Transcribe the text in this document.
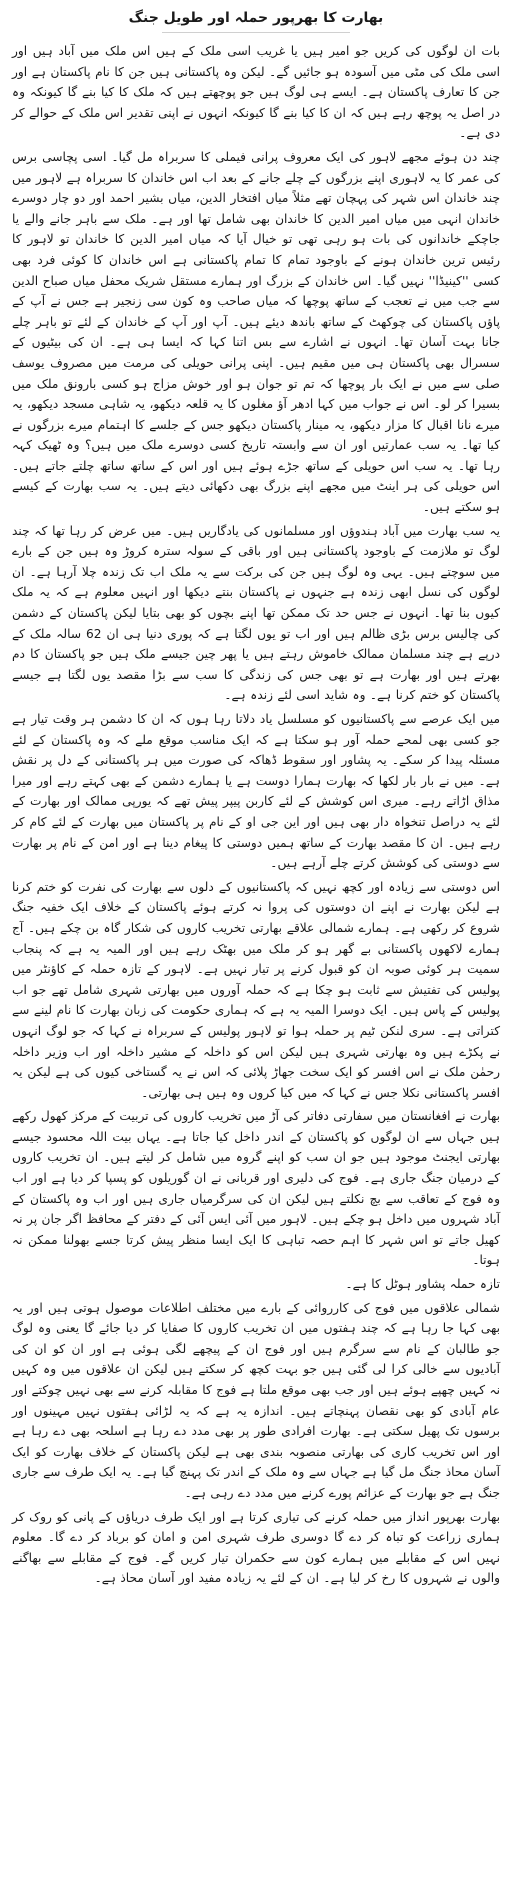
بھارت کا بھرپور حملہ اور طویل جنگ

بات ان لوگوں کی کریں جو امیر ہیں یا غریب اسی ملک کے ہیں اس ملک میں آباد ہیں اور اسی ملک کی مٹی میں آسودہ ہو جائیں گے۔ لیکن وہ پاکستانی ہیں جن کا نام پاکستان ہے اور جن کا تعارف پاکستان ہے۔ ایسے ہی لوگ ہیں جو پوچھتے ہیں کہ ملک کا کیا بنے گا کیونکہ وہ در اصل یہ پوچھ رہے ہیں کہ ان کا کیا بنے گا کیونکہ انہوں نے اپنی تقدیر اس ملک کے حوالے کر دی ہے۔

چند دن ہوئے مجھے لاہور کی ایک معروف پرانی فیملی کا سربراہ مل گیا۔ اسی پچاسی برس کی عمر کا یہ لاہوری اپنے بزرگوں کے چلے جانے کے بعد اب اس خاندان کا سربراہ ہے لاہور میں چند خاندان اس شہر کی پہچان تھے مثلاً میاں افتخار الدین، میاں بشیر احمد اور دو چار دوسرے خاندان انہی میں میاں امیر الدین کا خاندان بھی شامل تھا اور ہے۔ ملک سے باہر جانے والے یا جاچکے خاندانوں کی بات ہو رہی تھی تو خیال آیا کہ میاں امیر الدین کا خاندان تو لاہور کا رئیس ترین خاندان ہونے کے باوجود تمام کا تمام پاکستانی ہے اس خاندان کا کوئی فرد بھی کسی ''کینیڈا'' نہیں گیا۔ اس خاندان کے بزرگ اور ہمارے مستقل شریک محفل میاں صباح الدین سے جب میں نے تعجب کے ساتھ پوچھا کہ میاں صاحب وہ کون سی زنجیر ہے جس نے آپ کے پاؤں پاکستان کی چوکھٹ کے ساتھ باندھ دیئے ہیں۔ آپ اور آپ کے خاندان کے لئے تو باہر چلے جانا بہت آسان تھا۔ انہوں نے اشارے سے بس اتنا کہا کہ ایسا ہی ہے۔ ان کی بیٹیوں کے سسرال بھی پاکستان ہی میں مقیم ہیں۔ اپنی پرانی حویلی کی مرمت میں مصروف یوسف صلی سے میں نے ایک بار پوچھا کہ تم تو جوان ہو اور خوش مزاج ہو کسی بارونق ملک میں بسیرا کر لو۔ اس نے جواب میں کہا ادھر آؤ مغلوں کا یہ قلعہ دیکھو، یہ شاہی مسجد دیکھو، یہ میرے نانا اقبال کا مزار دیکھو، یہ مینار پاکستان دیکھو جس کے جلسے کا اہتمام میرے بزرگوں نے کیا تھا۔ یہ سب عمارتیں اور ان سے وابستہ تاریخ کسی دوسرے ملک میں ہیں؟ وہ ٹھیک کہہ رہا تھا۔ یہ سب اس حویلی کے ساتھ جڑے ہوئے ہیں اور اس کے ساتھ ساتھ چلتے جاتے ہیں۔ اس حویلی کی ہر اینٹ میں مجھے اپنے بزرگ بھی دکھائی دیتے ہیں۔ یہ سب بھارت کے کیسے ہو سکتے ہیں۔

یہ سب بھارت میں آباد ہندوؤں اور مسلمانوں کی یادگاریں ہیں۔ میں عرض کر رہا تھا کہ چند لوگ تو ملازمت کے باوجود پاکستانی ہیں اور باقی کے سولہ سترہ کروڑ وہ ہیں جن کے بارے میں سوچتے ہیں۔ یہی وہ لوگ ہیں جن کی برکت سے یہ ملک اب تک زندہ چلا آرہا ہے۔ ان لوگوں کی نسل ابھی زندہ ہے جنہوں نے پاکستان بنتے دیکھا اور انہیں معلوم ہے کہ یہ ملک کیوں بنا تھا۔ انہوں نے جس حد تک ممکن تھا اپنے بچوں کو بھی بتایا لیکن پاکستان کے دشمن کی چالیس برس بڑی ظالم ہیں اور اب تو یوں لگتا ہے کہ پوری دنیا ہی ان 62 سالہ ملک کے درپے ہے چند مسلمان ممالک خاموش رہتے ہیں یا پھر چین جیسے ملک ہیں جو پاکستان کا دم بھرتے ہیں اور بھارت ہے تو بھی جس کی زندگی کا سب سے بڑا مقصد یوں لگتا ہے جیسے پاکستان کو ختم کرنا ہے۔ وہ شاید اسی لئے زندہ ہے۔

میں ایک عرصے سے پاکستانیوں کو مسلسل یاد دلاتا رہا ہوں کہ ان کا دشمن ہر وقت تیار ہے جو کسی بھی لمحے حملہ آور ہو سکتا ہے کہ ایک مناسب موقع ملے کہ وہ پاکستان کے لئے مسئلہ پیدا کر سکے۔ یہ پشاور اور سقوط ڈھاکہ کی صورت میں ہر پاکستانی کے دل پر نقش ہے۔ میں نے بار بار لکھا کہ بھارت ہمارا دوست ہے یا ہمارے دشمن کے بھی کہتے رہے اور میرا مذاق اڑاتے رہے۔ میری اس کوشش کے لئے کاربن پیپر پیش تھے کہ یورپی ممالک اور بھارت کے لئے یہ دراصل تنخواہ دار بھی ہیں اور این جی او کے نام پر پاکستان میں بھارت کے لئے کام کر رہے ہیں۔ ان کا مقصد بھارت کے ساتھ ہمیں دوستی کا پیغام دینا ہے اور امن کے نام پر بھارت سے دوستی کی کوشش کرتے چلے آرہے ہیں۔

اس دوستی سے زیادہ اور کچھ نہیں کہ پاکستانیوں کے دلوں سے بھارت کی نفرت کو ختم کرنا ہے لیکن بھارت نے اپنے ان دوستوں کی پروا نہ کرتے ہوئے پاکستان کے خلاف ایک خفیہ جنگ شروع کر رکھی ہے۔ ہمارے شمالی علاقے بھارتی تخریب کاروں کی شکار گاہ بن چکے ہیں۔ آج ہمارے لاکھوں پاکستانی بے گھر ہو کر ملک میں بھٹک رہے ہیں اور المیہ یہ ہے کہ پنجاب سمیت ہر کوئی صوبہ ان کو قبول کرنے پر تیار نہیں ہے۔ لاہور کے تازہ حملہ کے کاؤنٹر میں پولیس کی تفتیش سے ثابت ہو چکا ہے کہ حملہ آوروں میں بھارتی شہری شامل تھے جو اب پولیس کے پاس ہیں۔ ایک دوسرا المیہ یہ ہے کہ ہماری حکومت کی زبان بھارت کا نام لینے سے کتراتی ہے۔ سری لنکن ٹیم پر حملہ ہوا تو لاہور پولیس کے سربراہ نے کہا کہ جو لوگ انہوں نے پکڑے ہیں وہ بھارتی شہری ہیں لیکن اس کو داخلہ کے مشیر داخلہ اور اب وزیر داخلہ رحمٰن ملک نے اس افسر کو ایک سخت جھاڑ پلائی کہ اس نے یہ گستاخی کیوں کی ہے لیکن یہ افسر پاکستانی نکلا جس نے کہا کہ میں کیا کروں وہ ہیں ہی بھارتی۔

بھارت نے افغانستان میں سفارتی دفاتر کی آڑ میں تخریب کاروں کی تربیت کے مرکز کھول رکھے ہیں جہاں سے ان لوگوں کو پاکستان کے اندر داخل کیا جاتا ہے۔ یہاں بیت اللہ محسود جیسے بھارتی ایجنٹ موجود ہیں جو ان سب کو اپنے گروہ میں شامل کر لیتے ہیں۔ ان تخریب کاروں کے درمیان جنگ جاری ہے۔ فوج کی دلیری اور قربانی نے ان گوریلوں کو پسپا کر دیا ہے اور اب وہ فوج کے تعاقب سے بچ نکلتے ہیں لیکن ان کی سرگرمیاں جاری ہیں اور اب وہ پاکستان کے آباد شہروں میں داخل ہو چکے ہیں۔ لاہور میں آئی ایس آئی کے دفتر کے محافظ اگر جان پر نہ کھیل جاتے تو اس شہر کا اہم حصہ تباہی کا ایک ایسا منظر پیش کرتا جسے بھولنا ممکن نہ ہوتا۔

تازہ حملہ پشاور ہوٹل کا ہے۔

شمالی علاقوں میں فوج کی کارروائی کے بارے میں مختلف اطلاعات موصول ہوتی ہیں اور یہ بھی کہا جا رہا ہے کہ چند ہفتوں میں ان تخریب کاروں کا صفایا کر دیا جائے گا یعنی وہ لوگ جو طالبان کے نام سے سرگرم ہیں اور فوج ان کے پیچھے لگی ہوئی ہے اور ان کو ان کی آبادیوں سے خالی کرا لی گئی ہیں جو بہت کچھ کر سکتے ہیں لیکن ان علاقوں میں وہ کہیں نہ کہیں چھپے ہوئے ہیں اور جب بھی موقع ملتا ہے فوج کا مقابلہ کرنے سے بھی نہیں چوکتے اور عام آبادی کو بھی نقصان پہنچاتے ہیں۔ اندازہ یہ ہے کہ یہ لڑائی ہفتوں نہیں مہینوں اور برسوں تک پھیل سکتی ہے۔ بھارت افرادی طور پر بھی مدد دے رہا ہے اسلحہ بھی دے رہا ہے اور اس تخریب کاری کی بھارتی منصوبہ بندی بھی ہے لیکن پاکستان کے خلاف بھارت کو ایک آسان محاذ جنگ مل گیا ہے جہاں سے وہ ملک کے اندر تک پہنچ گیا ہے۔ یہ ایک طرف سے جاری جنگ ہے جو بھارت کے عزائم پورے کرنے میں مدد دے رہی ہے۔

بھارت بھرپور انداز میں حملہ کرنے کی تیاری کرتا ہے اور ایک طرف دریاؤں کے پانی کو روک کر ہماری زراعت کو تباہ کر دے گا دوسری طرف شہری امن و امان کو برباد کر دے گا۔ معلوم نہیں اس کے مقابلے میں ہمارے کون سے حکمران تیار کریں گے۔ فوج کے مقابلے سے بھاگنے والوں نے شہروں کا رخ کر لیا ہے۔ ان کے لئے یہ زیادہ مفید اور آسان محاذ ہے۔
